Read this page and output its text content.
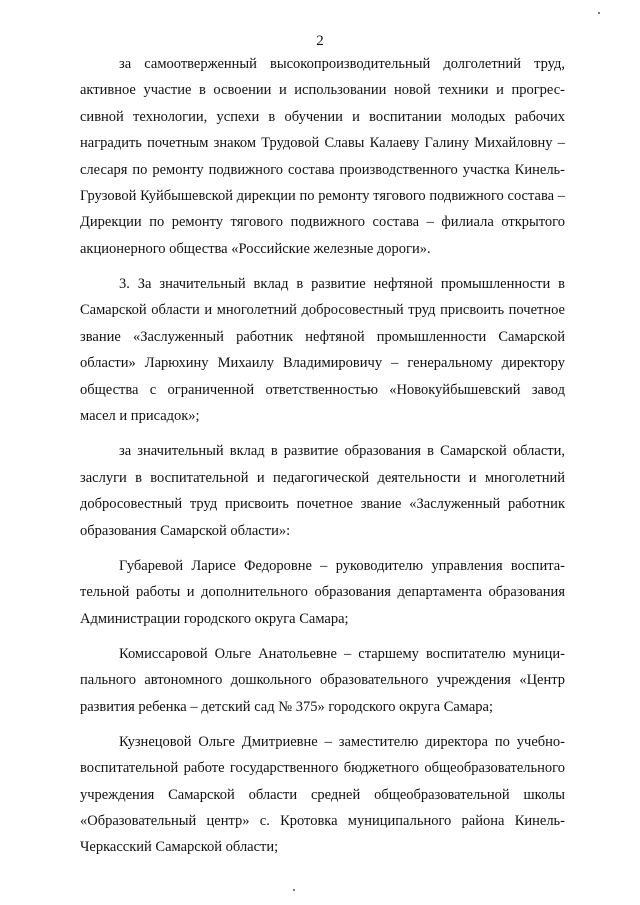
2

за самоотверженный высокопроизводительный долголетний труд, активное участие в освоении и использовании новой техники и прогрессивной технологии, успехи в обучении и воспитании молодых рабочих наградить почетным знаком Трудовой Славы Калаеву Галину Михайловну – слесаря по ремонту подвижного состава производственного участка Кинель-Грузовой Куйбышевской дирекции по ремонту тягового подвижного состава – Дирекции по ремонту тягового подвижного состава – филиала открытого акционерного общества «Российские железные дороги».

3. За значительный вклад в развитие нефтяной промышленности в Самарской области и многолетний добросовестный труд присвоить почетное звание «Заслуженный работник нефтяной промышленности Самарской области» Ларюхину Михаилу Владимировичу – генеральному директору общества с ограниченной ответственностью «Новокуйбышевский завод масел и присадок»;

за значительный вклад в развитие образования в Самарской области, заслуги в воспитательной и педагогической деятельности и многолетний добросовестный труд присвоить почетное звание «Заслуженный работник образования Самарской области»:

Губаревой Ларисе Федоровне – руководителю управления воспитательной работы и дополнительного образования департамента образования Администрации городского округа Самара;

Комиссаровой Ольге Анатольевне – старшему воспитателю муниципального автономного дошкольного образовательного учреждения «Центр развития ребенка – детский сад № 375» городского округа Самара;

Кузнецовой Ольге Дмитриевне – заместителю директора по учебно-воспитательной работе государственного бюджетного общеобразовательного учреждения Самарской области средней общеобразовательной школы «Образовательный центр» с. Кротовка муниципального района Кинель-Черкасский Самарской области;
